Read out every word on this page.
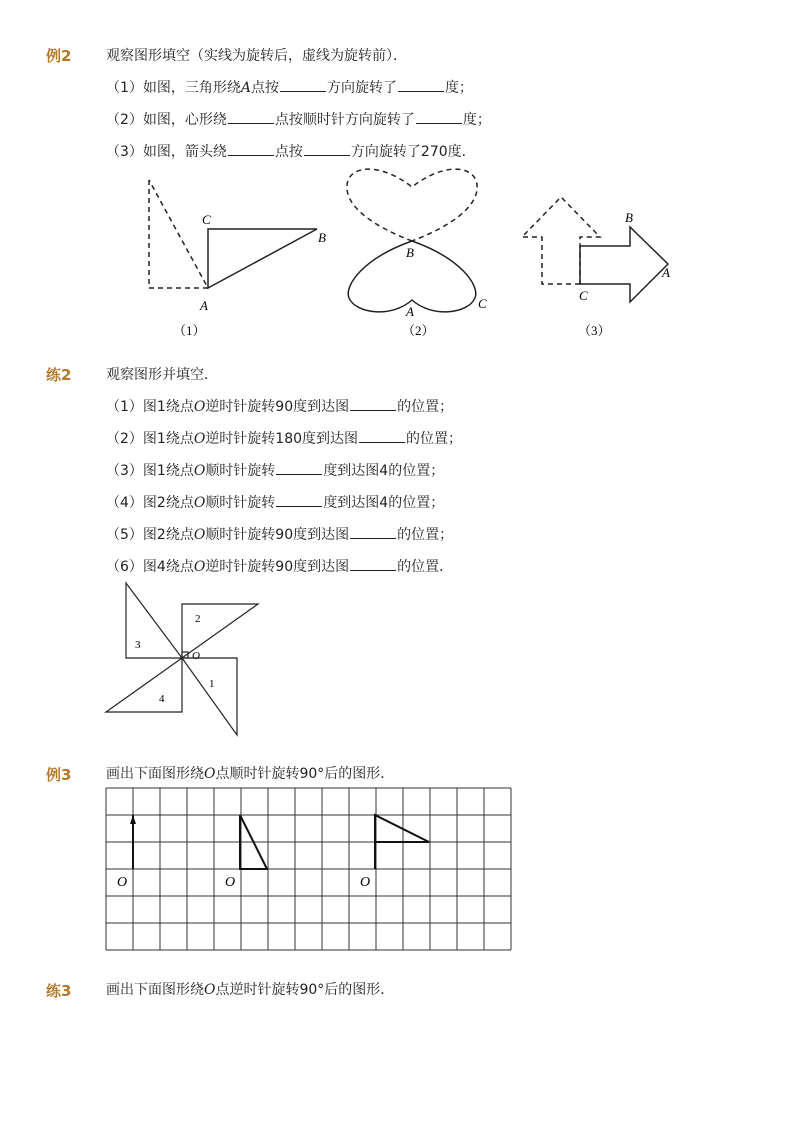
例2 观察图形填空（实线为旋转后，虚线为旋转前）．
（1）如图，三角形绕A点按	方向旋转了	度；
（2）如图，心形绕	点按顺时针方向旋转了	度；
（3）如图，箭头绕	点按	方向旋转了270度．
C
B
A
（1）
B
A
C
（2）
B
A
C
（3）
练2 观察图形并填空．
（1）图1绕点O逆时针旋转90度到达图	的位置；
（2）图1绕点O逆时针旋转180度到达图	的位置；
（3）图1绕点O顺时针旋转	度到达图4的位置；
（4）图2绕点O顺时针旋转	度到达图4的位置；
（5）图2绕点O顺时针旋转90度到达图	的位置；
（6）图4绕点O逆时针旋转90度到达图	的位置．
2
3
4
1
O
例3 画出下面图形绕O点顺时针旋转90°后的图形．
O	O	O
练3 画出下面图形绕O点逆时针旋转90°后的图形．
